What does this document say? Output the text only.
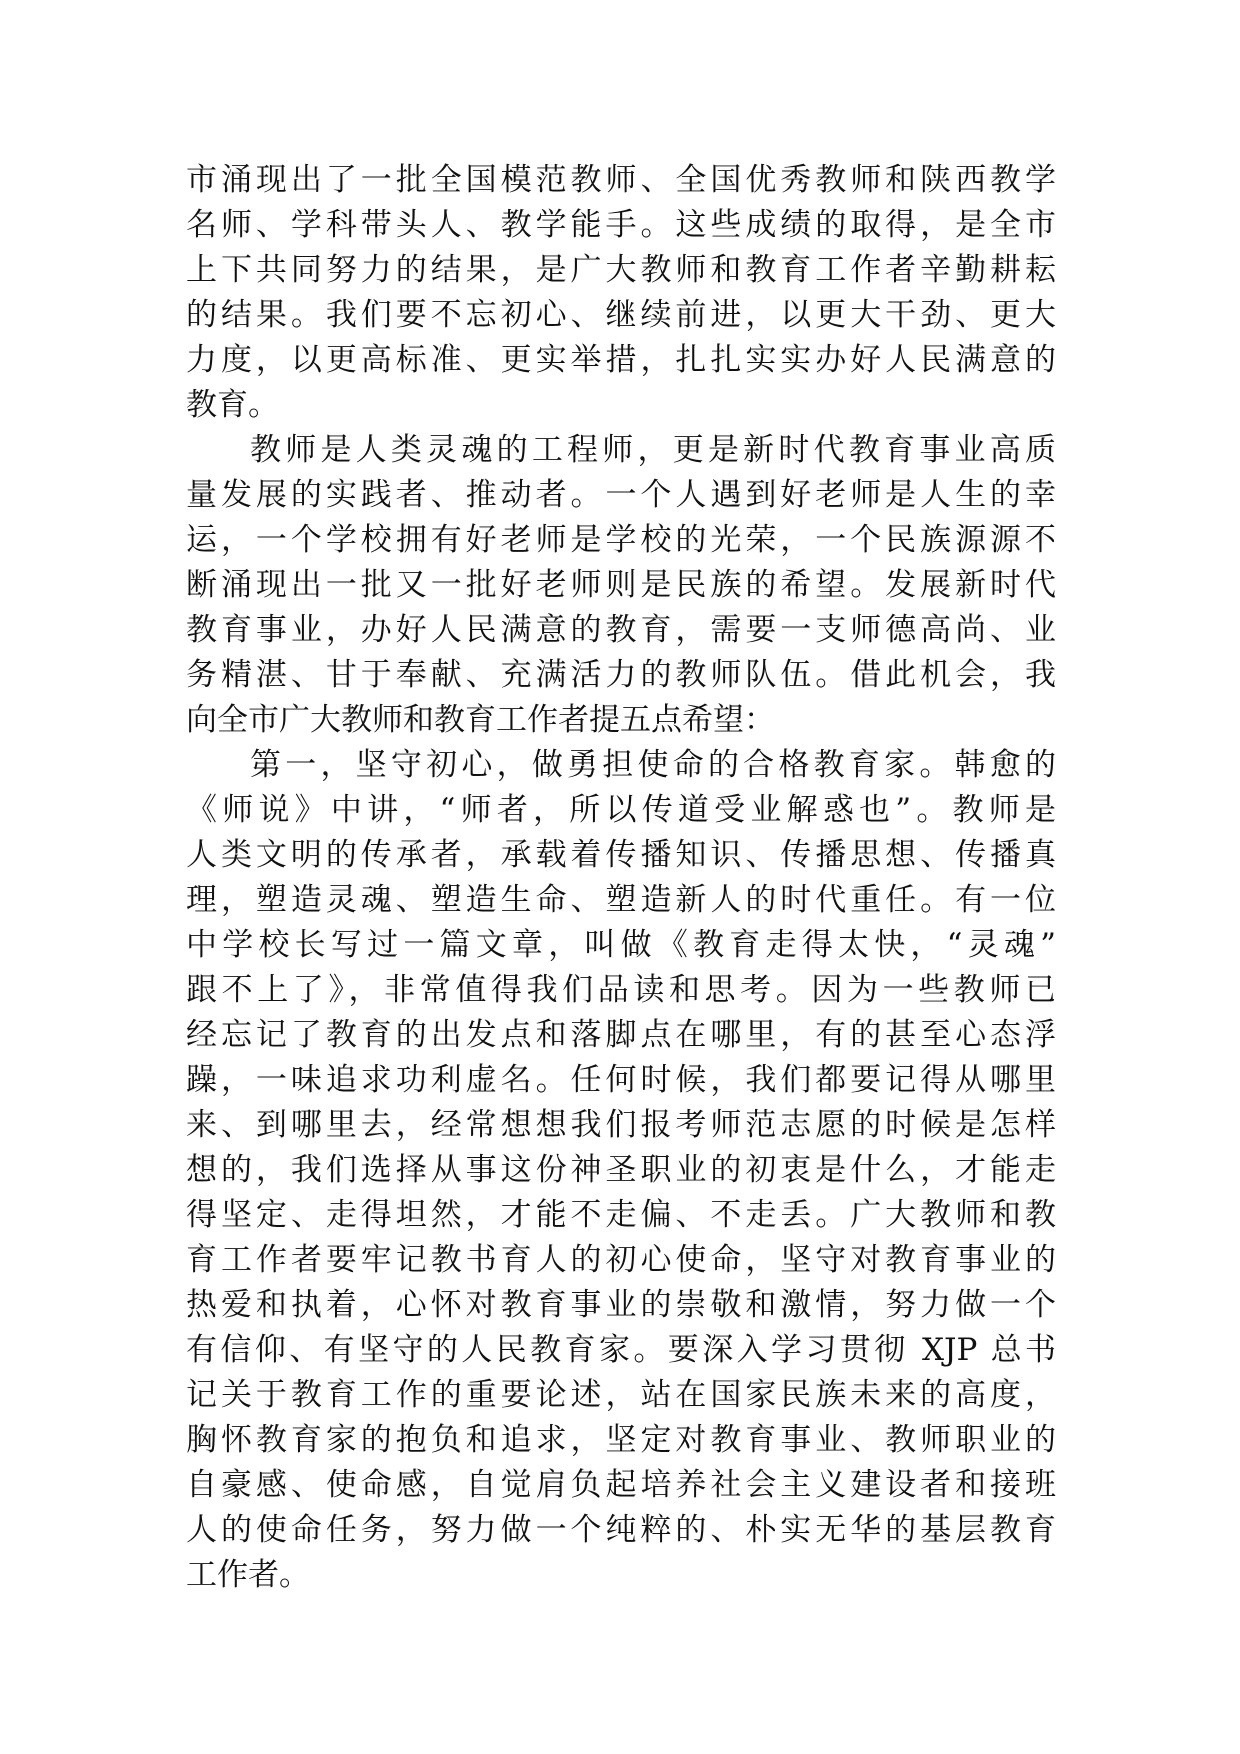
市涌现出了一批全国模范教师、全国优秀教师和陕西教学
名师、学科带头人、教学能手。这些成绩的取得，是全市
上下共同努力的结果，是广大教师和教育工作者辛勤耕耘
的结果。我们要不忘初心、继续前进，以更大干劲、更大
力度，以更高标准、更实举措，扎扎实实办好人民满意的
教育。
教师是人类灵魂的工程师，更是新时代教育事业高质
量发展的实践者、推动者。一个人遇到好老师是人生的幸
运，一个学校拥有好老师是学校的光荣，一个民族源源不
断涌现出一批又一批好老师则是民族的希望。发展新时代
教育事业，办好人民满意的教育，需要一支师德高尚、业
务精湛、甘于奉献、充满活力的教师队伍。借此机会，我
向全市广大教师和教育工作者提五点希望：
第一，坚守初心，做勇担使命的合格教育家。韩愈的
《师说》中讲，“师者，所以传道受业解惑也”。教师是
人类文明的传承者，承载着传播知识、传播思想、传播真
理，塑造灵魂、塑造生命、塑造新人的时代重任。有一位
中学校长写过一篇文章，叫做《教育走得太快，“灵魂”
跟不上了》，非常值得我们品读和思考。因为一些教师已
经忘记了教育的出发点和落脚点在哪里，有的甚至心态浮
躁，一味追求功利虚名。任何时候，我们都要记得从哪里
来、到哪里去，经常想想我们报考师范志愿的时候是怎样
想的，我们选择从事这份神圣职业的初衷是什么，才能走
得坚定、走得坦然，才能不走偏、不走丢。广大教师和教
育工作者要牢记教书育人的初心使命，坚守对教育事业的
热爱和执着，心怀对教育事业的崇敬和激情，努力做一个
有信仰、有坚守的人民教育家。要深入学习贯彻 XJP 总书
记关于教育工作的重要论述，站在国家民族未来的高度，
胸怀教育家的抱负和追求，坚定对教育事业、教师职业的
自豪感、使命感，自觉肩负起培养社会主义建设者和接班
人的使命任务，努力做一个纯粹的、朴实无华的基层教育
工作者。
